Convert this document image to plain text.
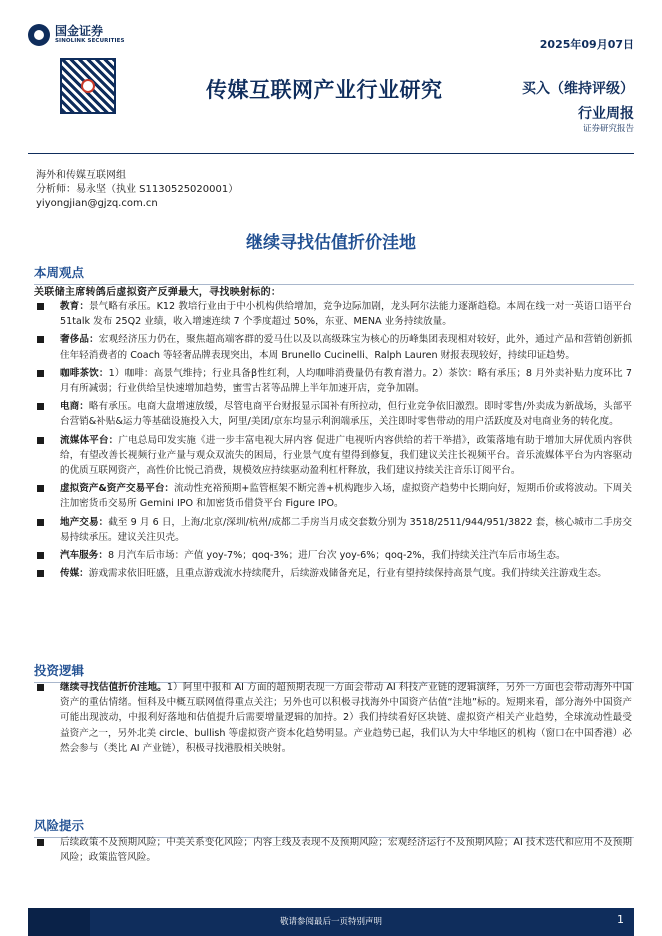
国金证券
SINOLINK SECURITIES	2025年09月07日
传媒互联网产业行业研究	买入（维持评级）
行业周报
证券研究报告
海外和传媒互联网组
分析师：易永坚（执业 S1130525020001）
yiyongjian@gjzq.com.cn
继续寻找估值折价洼地
本周观点
关联储主席转鸽后虚拟资产反弹最大，寻找映射标的：
教育：景气略有承压。K12 教培行业由于中小机构供给增加，竞争边际加剧，龙头阿尔法能力逐渐趋稳。本周在线一对一英语口语平台 51talk 发布 25Q2 业绩，收入增速连续 7 个季度超过 50%，东亚、MENA 业务持续放量。
奢侈品：宏观经济压力仍在，聚焦超高端客群的爱马仕以及以高级珠宝为核心的历峰集团表现相对较好，此外，通过产品和营销创新抓住年轻消费者的 Coach 等轻奢品牌表现突出，本周 Brunello Cucinelli、Ralph Lauren 财报表现较好，持续印证趋势。
咖啡茶饮：1）咖啡：高景气维持；行业具备β性红利，人均咖啡消费量仍有教育潜力。2）茶饮：略有承压；8 月外卖补贴力度环比 7 月有所减弱；行业供给呈快速增加趋势，蜜雪古茗等品牌上半年加速开店，竞争加剧。
电商：略有承压。电商大盘增速放缓，尽管电商平台财报显示国补有所拉动，但行业竞争依旧激烈。即时零售/外卖成为新战场，头部平台营销&补贴&运力等基础设施投入大，阿里/美团/京东均显示利润端承压，关注即时零售带动的用户活跃度及对电商业务的转化度。
流媒体平台：广电总局印发实施《进一步丰富电视大屏内容 促进广电视听内容供给的若干举措》，政策落地有助于增加大屏优质内容供给，有望改善长视频行业产量与观众双流失的困局，行业景气度有望得到修复，我们建议关注长视频平台。音乐流媒体平台为内容驱动的优质互联网资产，高性价比悦己消费，规模效应持续驱动盈利杠杆释放，我们建议持续关注音乐订阅平台。
虚拟资产&资产交易平台：流动性充裕预期+监管框架不断完善+机构跑步入场，虚拟资产趋势中长期向好，短期币价或将波动。下周关注加密货币交易所 Gemini IPO 和加密货币借贷平台 Figure IPO。
地产交易：截至 9 月 6 日，上海/北京/深圳/杭州/成都二手房当月成交套数分别为 3518/2511/944/951/3822 套，核心城市二手房交易持续承压。建议关注贝壳。
汽车服务：8 月汽车后市场：产值 yoy-7%；qoq-3%；进厂台次 yoy-6%；qoq-2%，我们持续关注汽车后市场生态。
传媒：游戏需求依旧旺盛，且重点游戏流水持续爬升，后续游戏储备充足，行业有望持续保持高景气度。我们持续关注游戏生态。
投资逻辑
继续寻找估值折价洼地。1）阿里中报和 AI 方面的超预期表现一方面会带动 AI 科技产业链的逻辑演绎，另外一方面也会带动海外中国资产的重估情绪。恒科及中概互联网值得重点关注；另外也可以积极寻找海外中国资产估值“洼地”标的。短期来看，部分海外中国资产可能出现波动，中报利好落地和估值提升后需要增量逻辑的加持。2）我们持续看好区块链、虚拟资产相关产业趋势，全球流动性最受益资产之一，另外北美 circle、bullish 等虚拟资产资本化趋势明显。产业趋势已起，我们认为大中华地区的机构（窗口在中国香港）必然会参与（类比 AI 产业链），积极寻找港股相关映射。
风险提示
后续政策不及预期风险；中美关系变化风险；内容上线及表现不及预期风险；宏观经济运行不及预期风险；AI 技术迭代和应用不及预期风险；政策监管风险。
敬请参阅最后一页特别声明	1
